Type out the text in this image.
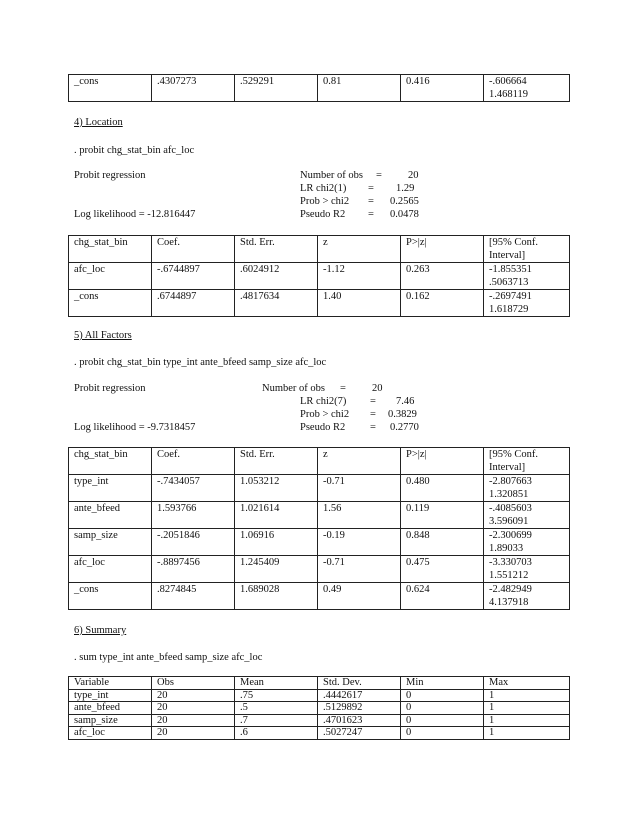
_cons	.4307273	.529291	0.81	0.416	-.606664
1.468119
4) Location
. probit chg_stat_bin afc_loc
Probit regression
Log likelihood = -12.816447
Number of obs = 20
LR chi2(1) = 1.29
Prob > chi2 = 0.2565
Pseudo R2 = 0.0478
chg_stat_bin	Coef.	Std. Err.	z	P>|z|	[95% Conf.
Interval]

afc_loc	-.6744897	.6024912	-1.12	0.263	-1.855351
.5063713

_cons	.6744897	.4817634	1.40	0.162	-.2697491
1.618729
5) All Factors
. probit chg_stat_bin type_int ante_bfeed samp_size afc_loc
Probit regression
Log likelihood = -9.7318457
Number of obs = 20
LR chi2(7) = 7.46
Prob > chi2 = 0.3829
Pseudo R2 = 0.2770
chg_stat_bin	Coef.	Std. Err.	z	P>|z|	[95% Conf.
Interval]

type_int	-.7434057	1.053212	-0.71	0.480	-2.807663
1.320851

ante_bfeed	1.593766	1.021614	1.56	0.119	-.4085603
3.596091

samp_size	-.2051846	1.06916	-0.19	0.848	-2.300699
1.89033

afc_loc	-.8897456	1.245409	-0.71	0.475	-3.330703
1.551212

_cons	.8274845	1.689028	0.49	0.624	-2.482949
4.137918
6) Summary
. sum type_int ante_bfeed samp_size afc_loc
Variable	Obs	Mean	Std. Dev.	Min	Max
type_int	20	.75	.4442617	0	1
ante_bfeed	20	.5	.5129892	0	1
samp_size	20	.7	.4701623	0	1
afc_loc	20	.6	.5027247	0	1
